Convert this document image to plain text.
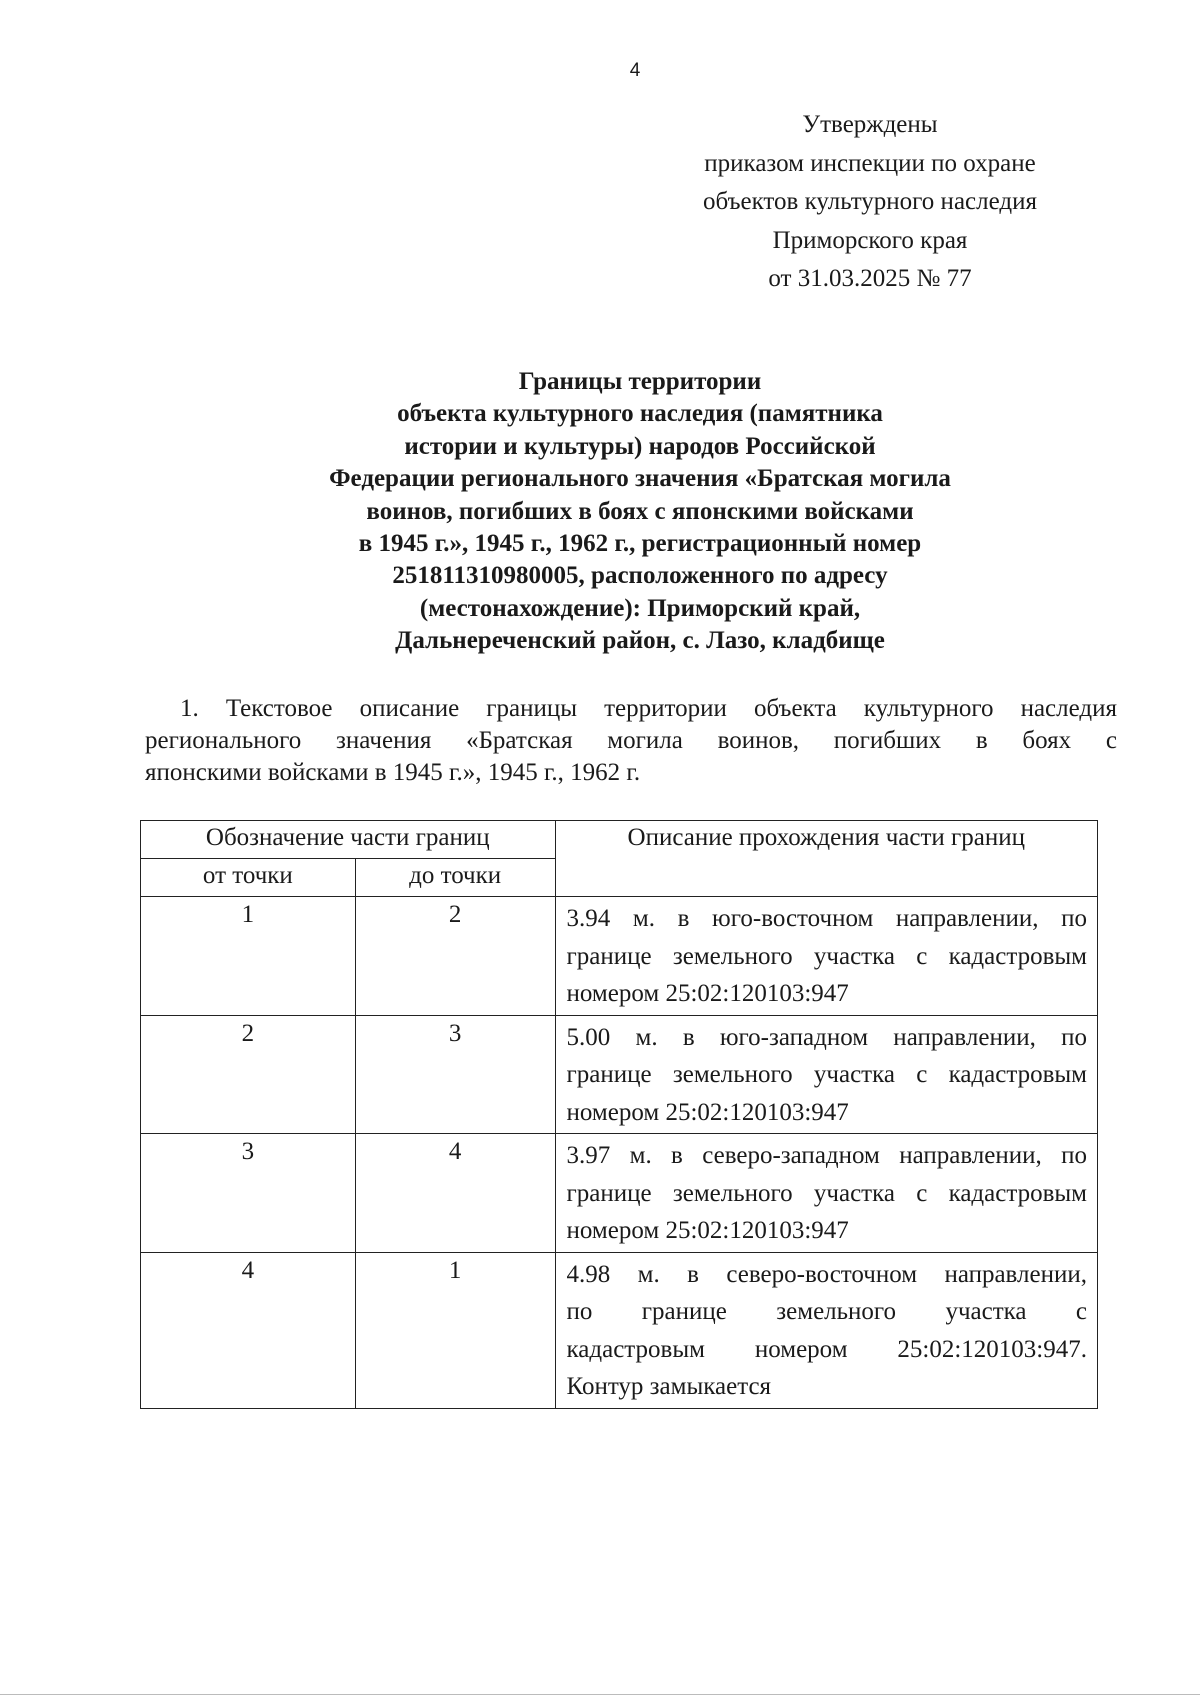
4
Утверждены
приказом инспекции по охране
объектов культурного наследия
Приморского края
от 31.03.2025 № 77
Границы территории
объекта культурного наследия (памятника
истории и культуры) народов Российской
Федерации регионального значения «Братская могила
воинов, погибших в боях с японскими войсками
в 1945 г.», 1945 г., 1962 г., регистрационный номер
251811310980005, расположенного по адресу
(местонахождение): Приморский край,
Дальнереченский район, с. Лазо, кладбище
1. Текстовое описание границы территории объекта культурного наследия
регионального значения «Братская могила воинов, погибших в боях с
японскими войсками в 1945 г.», 1945 г., 1962 г.
Обозначение части границ		Описание прохождения части границ
от точки	до точки	
1	2	3.94 м. в юго-восточном направлении, по
границе земельного участка с кадастровым
номером 25:02:120103:947

2	3	5.00 м. в юго-западном направлении, по
границе земельного участка с кадастровым
номером 25:02:120103:947

3	4	3.97 м. в северо-западном направлении, по
границе земельного участка с кадастровым
номером 25:02:120103:947

4	1	4.98 м. в северо-восточном направлении,
по границе земельного участка с
кадастровым номером 25:02:120103:947.
Контур замыкается
